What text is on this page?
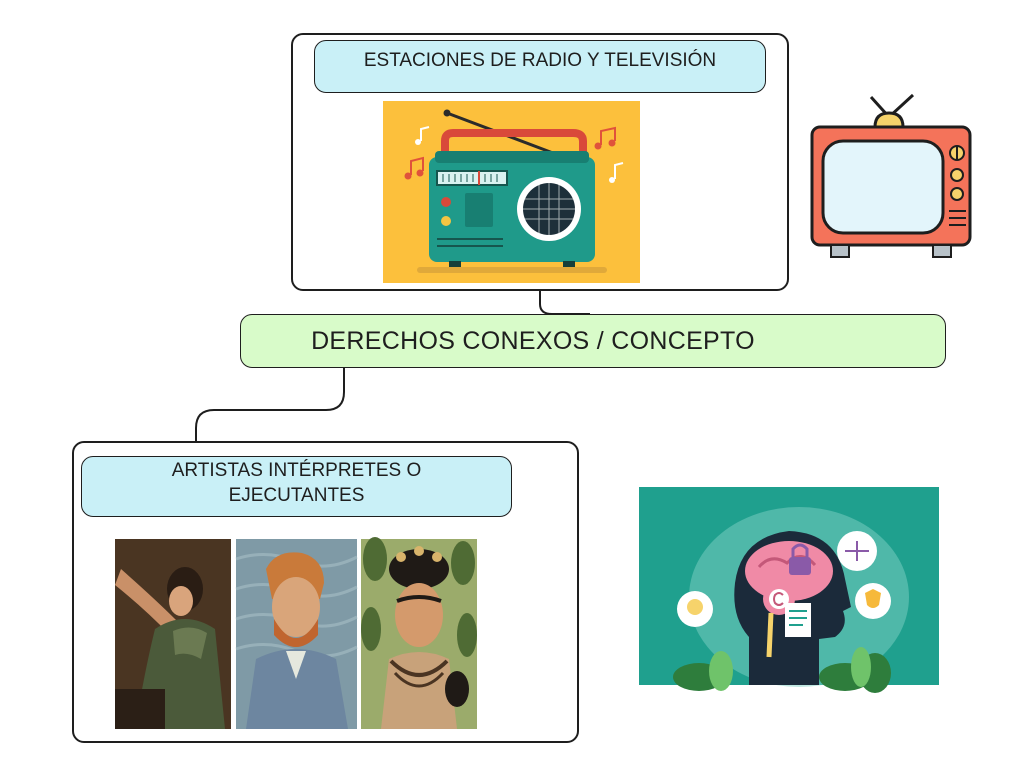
ESTACIONES DE RADIO Y TELEVISIÓN
DERECHOS CONEXOS / CONCEPTO
ARTISTAS INTÉRPRETES O
EJECUTANTES
